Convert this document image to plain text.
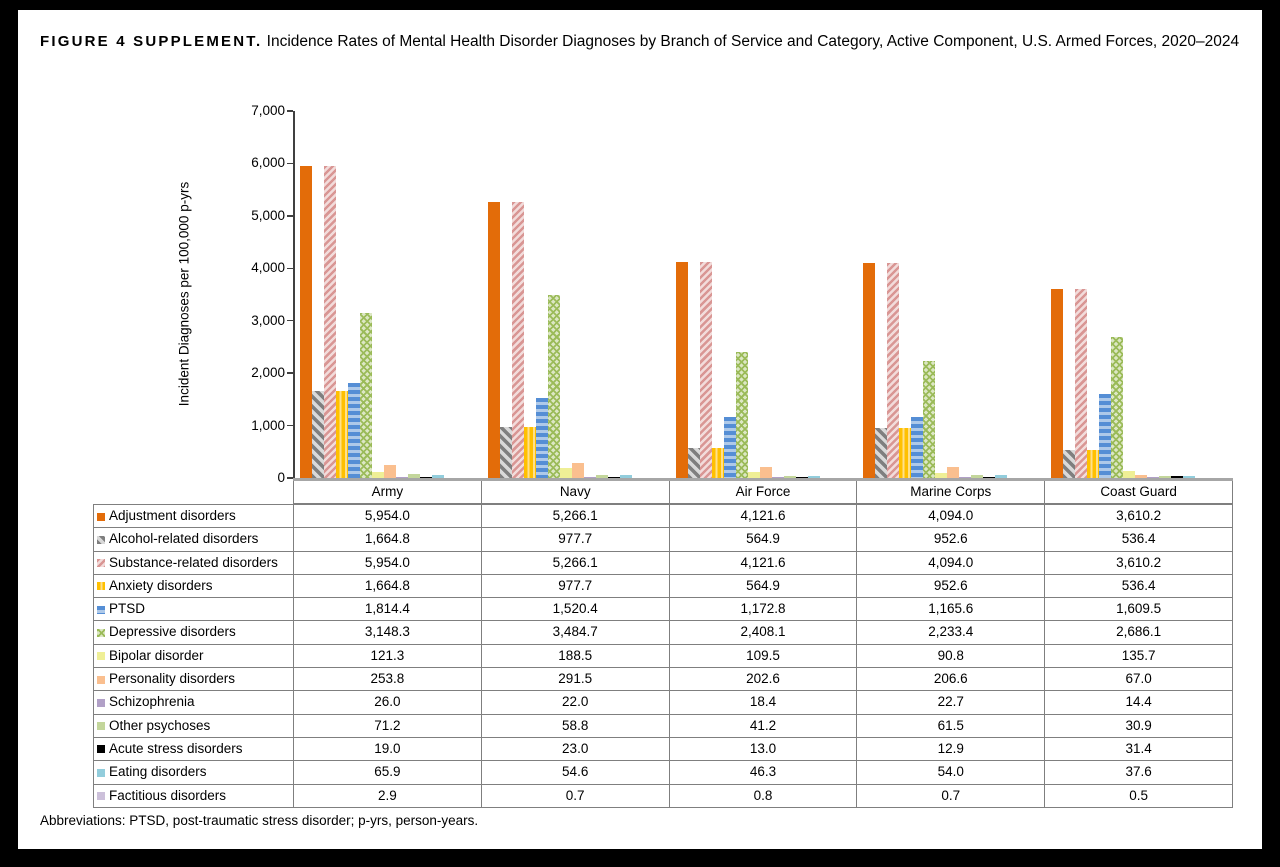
FIGURE 4 SUPPLEMENT. Incidence Rates of Mental Health Disorder Diagnoses by Branch of Service and Category, Active Component, U.S. Armed Forces, 2020–2024
Incident Diagnoses per 100,000 p-yrs
7,000
6,000
5,000
4,000
3,000
2,000
1,000
0
Army	Navy	Air Force	Marine Corps	Coast Guard
Adjustment disorders	5,954.0	5,266.1	4,121.6	4,094.0	3,610.2
Alcohol-related disorders	1,664.8	977.7	564.9	952.6	536.4
Substance-related disorders	5,954.0	5,266.1	4,121.6	4,094.0	3,610.2
Anxiety disorders	1,664.8	977.7	564.9	952.6	536.4
PTSD	1,814.4	1,520.4	1,172.8	1,165.6	1,609.5
Depressive disorders	3,148.3	3,484.7	2,408.1	2,233.4	2,686.1
Bipolar disorder	121.3	188.5	109.5	90.8	135.7
Personality disorders	253.8	291.5	202.6	206.6	67.0
Schizophrenia	26.0	22.0	18.4	22.7	14.4
Other psychoses	71.2	58.8	41.2	61.5	30.9
Acute stress disorders	19.0	23.0	13.0	12.9	31.4
Eating disorders	65.9	54.6	46.3	54.0	37.6
Factitious disorders	2.9	0.7	0.8	0.7	0.5
Abbreviations: PTSD, post-traumatic stress disorder; p-yrs, person-years.
